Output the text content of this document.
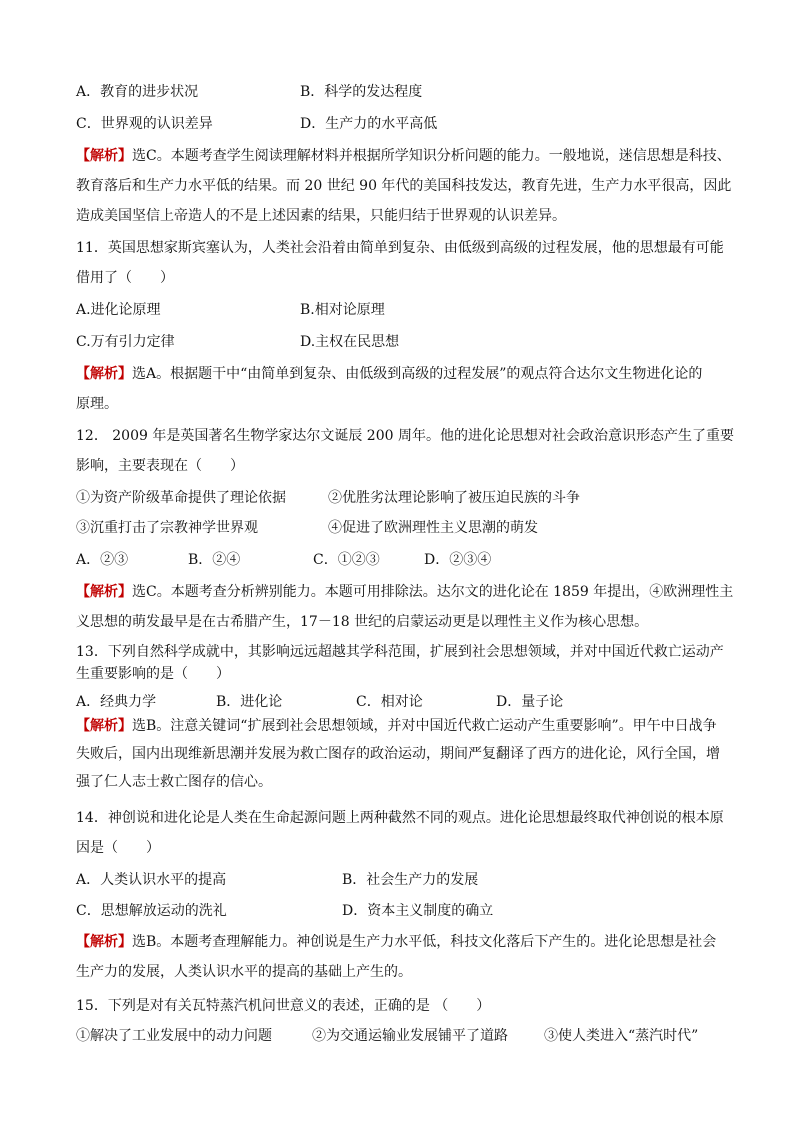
A．教育的进步状况	B．科学的发达程度
C．世界观的认识差异	D．生产力的水平高低
【解析】选C。本题考查学生阅读理解材料并根据所学知识分析问题的能力。一般地说，迷信思想是科技、
教育落后和生产力水平低的结果。而 20 世纪 90 年代的美国科技发达，教育先进，生产力水平很高，因此
造成美国坚信上帝造人的不是上述因素的结果，只能归结于世界观的认识差异。
11．英国思想家斯宾塞认为，人类社会沿着由简单到复杂、由低级到高级的过程发展，他的思想最有可能
借用了（　　）
A.进化论原理	B.相对论原理
C.万有引力定律	D.主权在民思想
【解析】选A。根据题干中“由简单到复杂、由低级到高级的过程发展”的观点符合达尔文生物进化论的
原理。
12． 2009 年是英国著名生物学家达尔文诞辰 200 周年。他的进化论思想对社会政治意识形态产生了重要
影响，主要表现在（　　）
①为资产阶级革命提供了理论依据	②优胜劣汰理论影响了被压迫民族的斗争
③沉重打击了宗教神学世界观	④促进了欧洲理性主义思潮的萌发
A．②③	B．②④	C．①②③	D．②③④
【解析】选C。本题考查分析辨别能力。本题可用排除法。达尔文的进化论在 1859 年提出，④欧洲理性主
义思想的萌发最早是在古希腊产生，17－18 世纪的启蒙运动更是以理性主义作为核心思想。
13．下列自然科学成就中，其影响远远超越其学科范围，扩展到社会思想领域，并对中国近代救亡运动产
生重要影响的是（　　）
A．经典力学	B．进化论	C．相对论	D．量子论
【解析】选B。注意关键词“扩展到社会思想领域，并对中国近代救亡运动产生重要影响”。甲午中日战争
失败后，国内出现维新思潮并发展为救亡图存的政治运动，期间严复翻译了西方的进化论，风行全国，增
强了仁人志士救亡图存的信心。
14．神创说和进化论是人类在生命起源问题上两种截然不同的观点。进化论思想最终取代神创说的根本原
因是（　　）
A．人类认识水平的提高	B．社会生产力的发展
C．思想解放运动的洗礼	D．资本主义制度的确立
【解析】选B。本题考查理解能力。神创说是生产力水平低，科技文化落后下产生的。进化论思想是社会
生产力的发展，人类认识水平的提高的基础上产生的。
15．下列是对有关瓦特蒸汽机问世意义的表述，正确的是 （　　）
①解决了工业发展中的动力问题	②为交通运输业发展铺平了道路	③使人类进入“蒸汽时代”
